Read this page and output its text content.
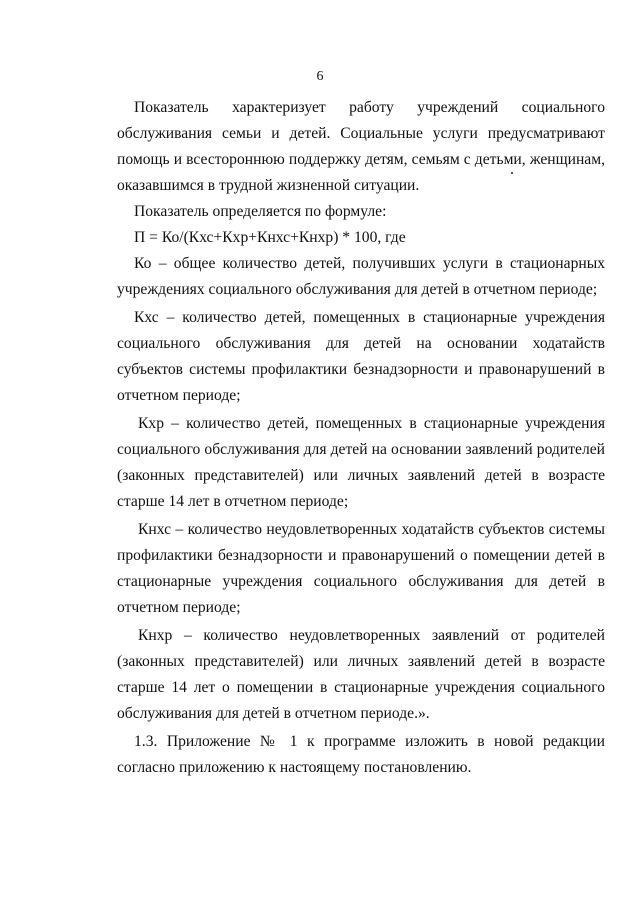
6

Показатель характеризует работу учреждений социального обслуживания семьи и детей. Социальные услуги предусматривают помощь и всестороннюю поддержку детям, семьям с детьми, женщинам, оказавшимся в трудной жизненной ситуации.

Показатель определяется по формуле:

П = Ко/(Кхс+Кхр+Кнхс+Кнхр) * 100, где

Ко – общее количество детей, получивших услуги в стационарных учреждениях социального обслуживания для детей в отчетном периоде;

Кхс – количество детей, помещенных в стационарные учреждения социального обслуживания для детей на основании ходатайств субъектов системы профилактики безнадзорности и правонарушений в отчетном периоде;

Кхр – количество детей, помещенных в стационарные учреждения социального обслуживания для детей на основании заявлений родителей (законных представителей) или личных заявлений детей в возрасте старше 14 лет в отчетном периоде;

Кнхс – количество неудовлетворенных ходатайств субъектов системы профилактики безнадзорности и правонарушений о помещении детей в стационарные учреждения социального обслуживания для детей в отчетном периоде;

Кнхр – количество неудовлетворенных заявлений от родителей (законных представителей) или личных заявлений детей в возрасте старше 14 лет о помещении в стационарные учреждения социального обслуживания для детей в отчетном периоде.».

1.3. Приложение № 1 к программе изложить в новой редакции согласно приложению к настоящему постановлению.
